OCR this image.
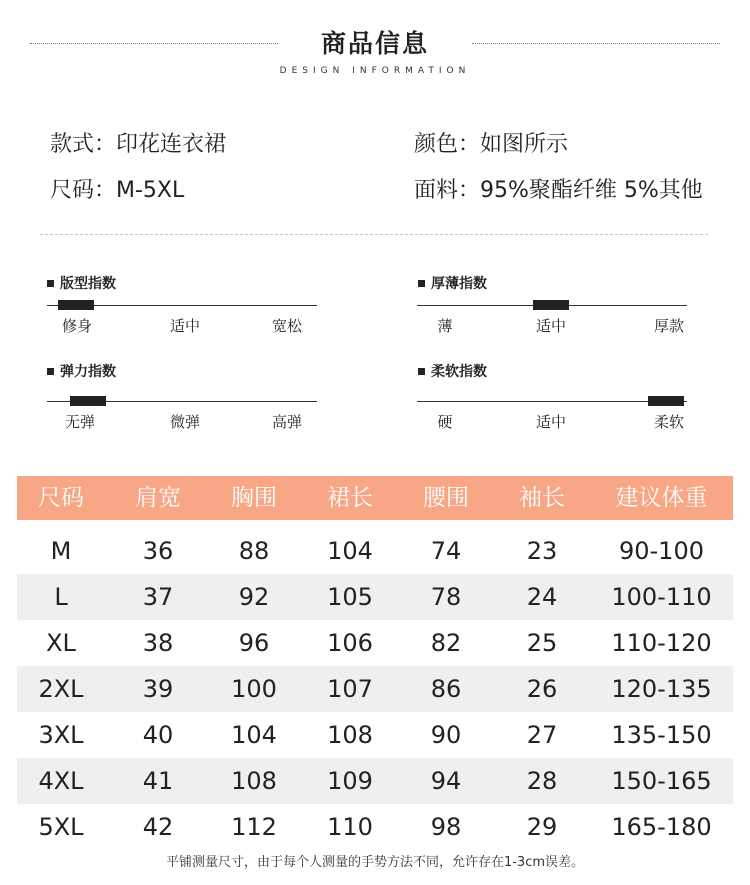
商品信息
DESIGN INFORMATION
款式：印花连衣裙	颜色：如图所示
尺码：M-5XL	面料：95%聚酯纤维 5%其他
版型指数
修身	适中	宽松
厚薄指数
薄	适中	厚款
弹力指数
无弹	微弹	高弹
柔软指数
硬	适中	柔软
尺码	肩宽	胸围	裙长	腰围	袖长	建议体重
M	36	88	104	74	23	90-100
L	37	92	105	78	24	100-110
XL	38	96	106	82	25	110-120
2XL	39	100	107	86	26	120-135
3XL	40	104	108	90	27	135-150
4XL	41	108	109	94	28	150-165
5XL	42	112	110	98	29	165-180
平铺测量尺寸，由于每个人测量的手势方法不同，允许存在1-3cm误差。
